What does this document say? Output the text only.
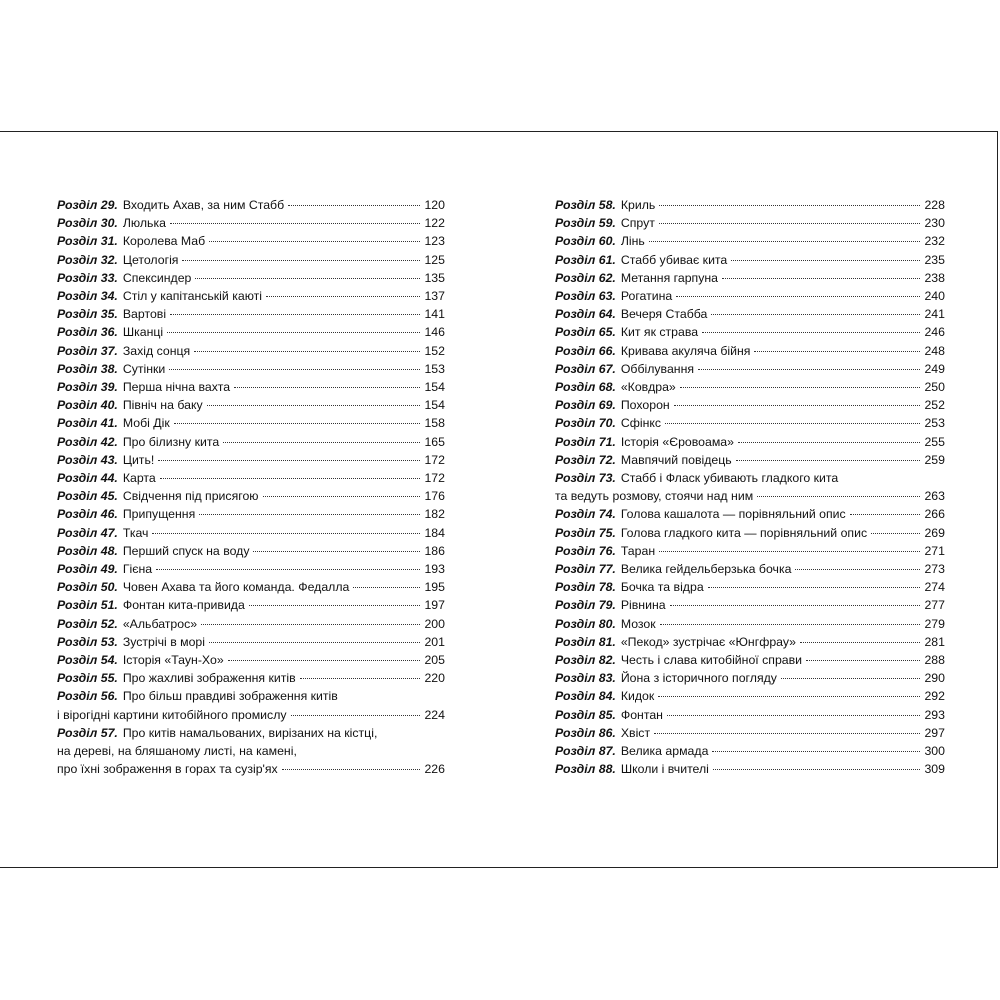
Розділ 29. Входить Ахав, за ним Стабб	120
Розділ 30. Люлька	122
Розділ 31. Королева Маб	123
Розділ 32. Цетологія	125
Розділ 33. Спексиндер	135
Розділ 34. Стіл у капітанській каюті	137
Розділ 35. Вартові	141
Розділ 36. Шканці	146
Розділ 37. Захід сонця	152
Розділ 38. Сутінки	153
Розділ 39. Перша нічна вахта	154
Розділ 40. Північ на баку	154
Розділ 41. Мобі Дік	158
Розділ 42. Про білизну кита	165
Розділ 43. Цить!	172
Розділ 44. Карта	172
Розділ 45. Свідчення під присягою	176
Розділ 46. Припущення	182
Розділ 47. Ткач	184
Розділ 48. Перший спуск на воду	186
Розділ 49. Гієна	193
Розділ 50. Човен Ахава та його команда. Федалла	195
Розділ 51. Фонтан кита-привида	197
Розділ 52. «Альбатрос»	200
Розділ 53. Зустрічі в морі	201
Розділ 54. Історія «Таун-Хо»	205
Розділ 55. Про жахливі зображення китів	220
Розділ 56. Про більш правдиві зображення китів
і вірогідні картини китобійного промислу	224
Розділ 57. Про китів намальованих, вирізаних на кістці,
на дереві, на бляшаному листі, на камені,
про їхні зображення в горах та сузір'ях	226
Розділ 58. Криль	228
Розділ 59. Спрут	230
Розділ 60. Лінь	232
Розділ 61. Стабб убиває кита	235
Розділ 62. Метання гарпуна	238
Розділ 63. Рогатина	240
Розділ 64. Вечеря Стабба	241
Розділ 65. Кит як страва	246
Розділ 66. Кривава акуляча бійня	248
Розділ 67. Оббілування	249
Розділ 68. «Ковдра»	250
Розділ 69. Похорон	252
Розділ 70. Сфінкс	253
Розділ 71. Історія «Єровоама»	255
Розділ 72. Мавпячий повідець	259
Розділ 73. Стабб і Фласк убивають гладкого кита
та ведуть розмову, стоячи над ним	263
Розділ 74. Голова кашалота — порівняльний опис	266
Розділ 75. Голова гладкого кита — порівняльний опис	269
Розділ 76. Таран	271
Розділ 77. Велика гейдельберзька бочка	273
Розділ 78. Бочка та відра	274
Розділ 79. Рівнина	277
Розділ 80. Мозок	279
Розділ 81. «Пекод» зустрічає «Юнгфрау»	281
Розділ 82. Честь і слава китобійної справи	288
Розділ 83. Йона з історичного погляду	290
Розділ 84. Кидок	292
Розділ 85. Фонтан	293
Розділ 86. Хвіст	297
Розділ 87. Велика армада	300
Розділ 88. Школи і вчителі	309
